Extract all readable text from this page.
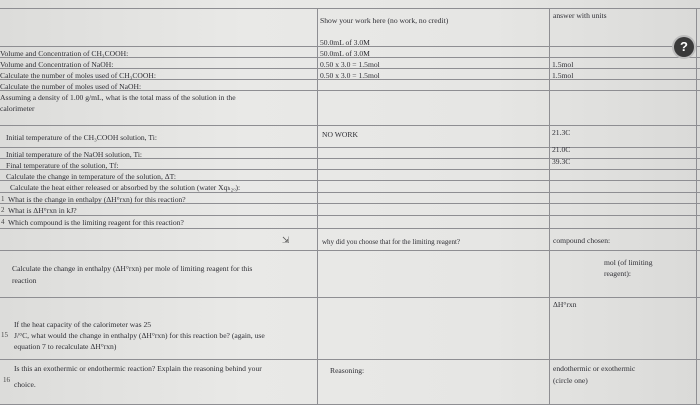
Show your work here (no work, no credit)
answer with units
Volume and Concentration of CH₃COOH:
Volume and Concentration of NaOH:
Calculate the number of moles used of CH₃COOH:
Calculate the number of moles used of NaOH:
Assuming a density of 1.00 g/mL, what is the total mass of the solution in the
calorimeter
Initial temperature of the CH₃COOH solution, Ti:
Initial temperature of the NaOH solution, Ti:
Final temperature of the solution, Tf:
Calculate the change in temperature of the solution, ΔT:
Calculate the heat either released or absorbed by the solution (water Xqₕ₂ₒ):
2
What is the change in enthalpy (ΔH°rxn) for this reaction?
1
What is ΔH°rxn in kJ?
4 Which compound is the limiting reagent for this reaction?
Calculate the change in enthalpy (ΔH°rxn) per mole of limiting reagent for this
reaction
If the heat capacity of the calorimeter was 25
15 J/°C, what would the change in enthalpy (ΔH°rxn) for this reaction be? (again, use
equation 7 to recalculate ΔH°rxn)
Is this an exothermic or endothermic reaction? Explain the reasoning behind your
16 choice.
50.0mL of 3.0M
50.0mL of 3.0M
0.50 x 3.0 = 1.5mol
0.50 x 3.0 = 1.5mol
NO WORK
why did you choose that for the limiting reagent?
Reasoning:
1.5mol
1.5mol
21.3C
21.0C
39.3C
compound chosen:
mol (of limiting
reagent):
ΔH°rxn
endothermic or exothermic
(circle one)
⇲
?
